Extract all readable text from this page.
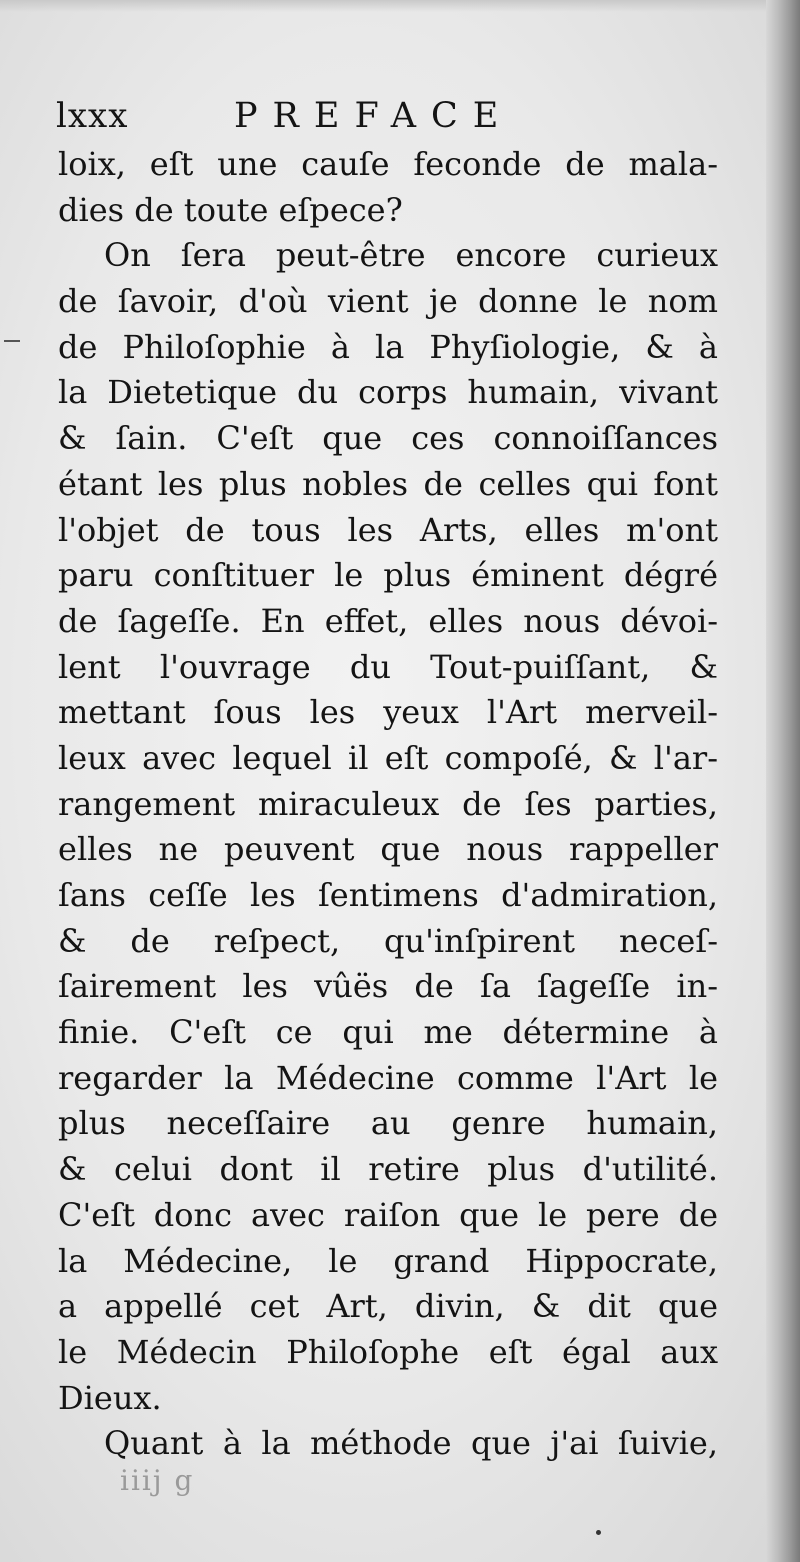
lxxx	PREFACE
loix, eſt une cauſe feconde de mala-
dies de toute eſpece?
On ſera peut-être encore curieux
de ſavoir, d'où vient je donne le nom
de Philoſophie à la Phyſiologie, & à
la Dietetique du corps humain, vivant
& ſain. C'eſt que ces connoiſſances
étant les plus nobles de celles qui font
l'objet de tous les Arts, elles m'ont
paru conſtituer le plus éminent dégré
de ſageſſe. En effet, elles nous dévoi-
lent l'ouvrage du Tout-puiſſant, &
mettant ſous les yeux l'Art merveil-
leux avec lequel il eſt compoſé, & l'ar-
rangement miraculeux de ſes parties,
elles ne peuvent que nous rappeller
ſans ceſſe les ſentimens d'admiration,
& de reſpect, qu'inſpirent neceſ-
ſairement les vûës de ſa ſageſſe in-
finie. C'eſt ce qui me détermine à
regarder la Médecine comme l'Art le
plus neceſſaire au genre humain,
& celui dont il retire plus d'utilité.
C'eſt donc avec raiſon que le pere de
la Médecine, le grand Hippocrate,
a appellé cet Art, divin, & dit que
le Médecin Philoſophe eſt égal aux
Dieux.
Quant à la méthode que j'ai ſuivie,
iiij g
